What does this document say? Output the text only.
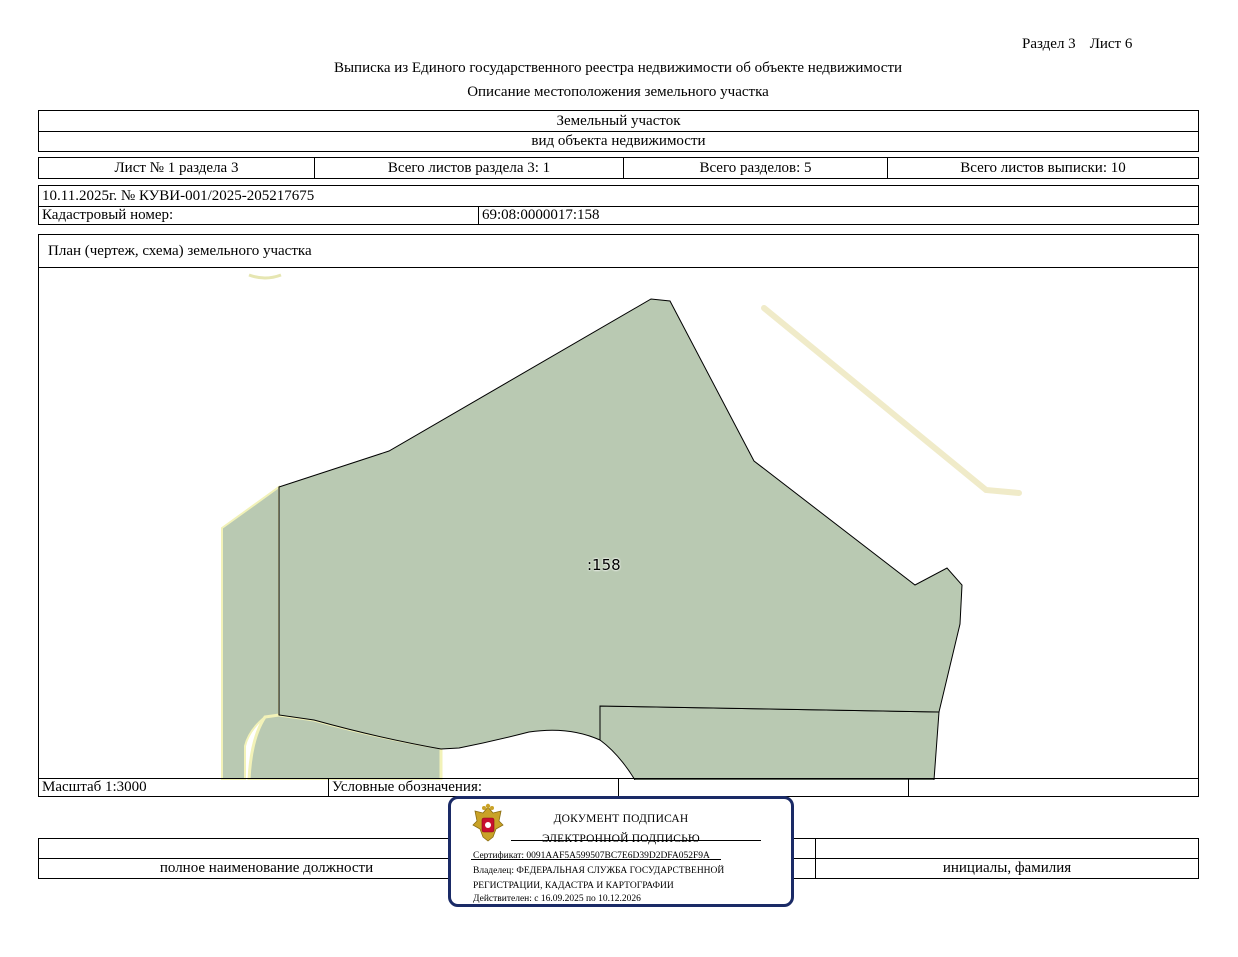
Раздел 3 Лист 6
Выписка из Единого государственного реестра недвижимости об объекте недвижимости
Описание местоположения земельного участка
Земельный участок
вид объекта недвижимости
Лист № 1 раздела 3	Всего листов раздела 3: 1	Всего разделов: 5	Всего листов выписки: 10
10.11.2025г. № КУВИ-001/2025-205217675
Кадастровый номер:	69:08:0000017:158
План (чертеж, схема) земельного участка
:158
Масштаб 1:3000	Условные обозначения:
полное наименование должности	инициалы, фамилия
ДОКУМЕНТ ПОДПИСАН
ЭЛЕКТРОННОЙ ПОДПИСЬЮ
Сертификат: 0091AAF5A599507BC7E6D39D2DFA052F9A
Владелец: ФЕДЕРАЛЬНАЯ СЛУЖБА ГОСУДАРСТВЕННОЙ
РЕГИСТРАЦИИ, КАДАСТРА И КАРТОГРАФИИ
Действителен: с 16.09.2025 по 10.12.2026
